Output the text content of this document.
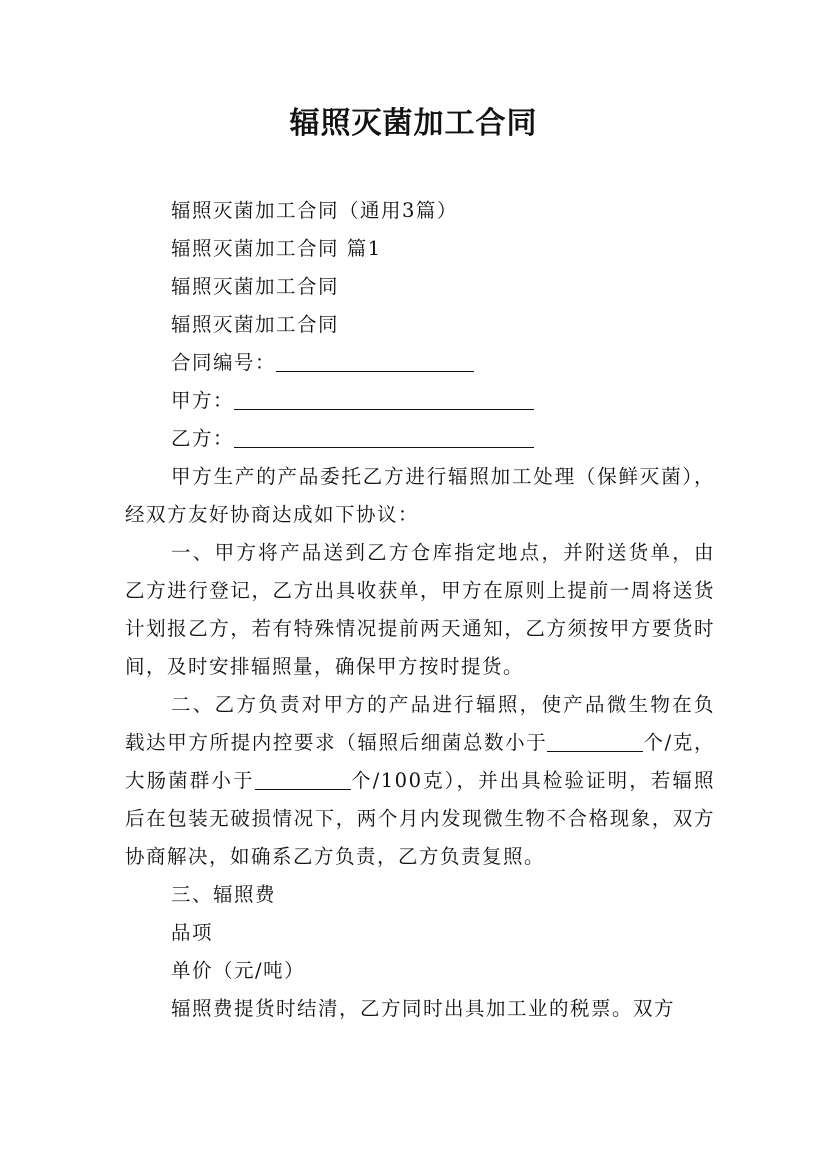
辐照灭菌加工合同

辐照灭菌加工合同（通用3篇）

辐照灭菌加工合同 篇1

辐照灭菌加工合同

辐照灭菌加工合同

合同编号：

甲方：

乙方：

甲方生产的产品委托乙方进行辐照加工处理（保鲜灭菌），经双方友好协商达成如下协议：

一、甲方将产品送到乙方仓库指定地点，并附送货单，由乙方进行登记，乙方出具收获单，甲方在原则上提前一周将送货计划报乙方，若有特殊情况提前两天通知，乙方须按甲方要货时间，及时安排辐照量，确保甲方按时提货。

二、乙方负责对甲方的产品进行辐照，使产品微生物在负载达甲方所提内控要求（辐照后细菌总数小于	个/克，大肠菌群小于	个/100克），并出具检验证明，若辐照后在包装无破损情况下，两个月内发现微生物不合格现象，双方协商解决，如确系乙方负责，乙方负责复照。

三、辐照费

品项

单价（元/吨）

辐照费提货时结清，乙方同时出具加工业的税票。双方
